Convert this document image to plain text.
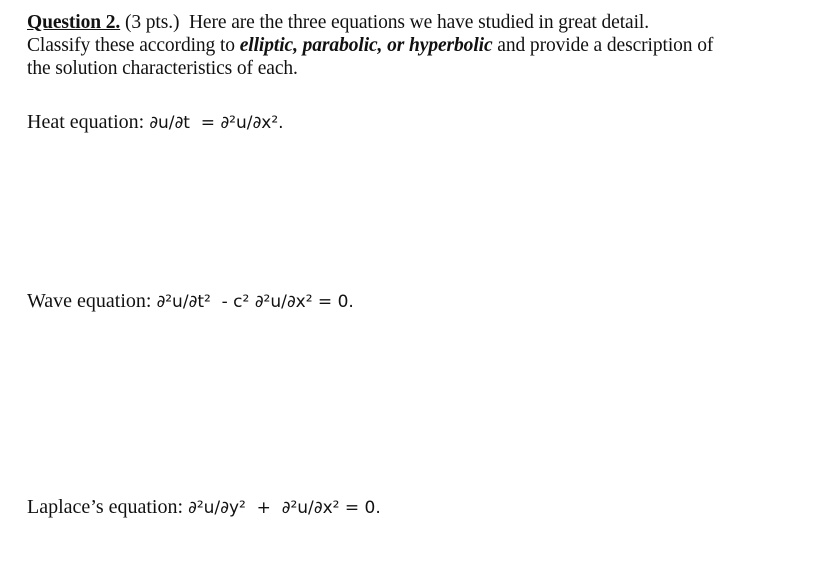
Question 2. (3 pts.)  Here are the three equations we have studied in great detail.
Classify these according to elliptic, parabolic, or hyperbolic and provide a description of
the solution characteristics of each.
Heat equation: ∂u/∂t  = ∂²u/∂x².
Wave equation: ∂²u/∂t²  - c² ∂²u/∂x² = 0.
Laplace’s equation: ∂²u/∂y²  +  ∂²u/∂x² = 0.
